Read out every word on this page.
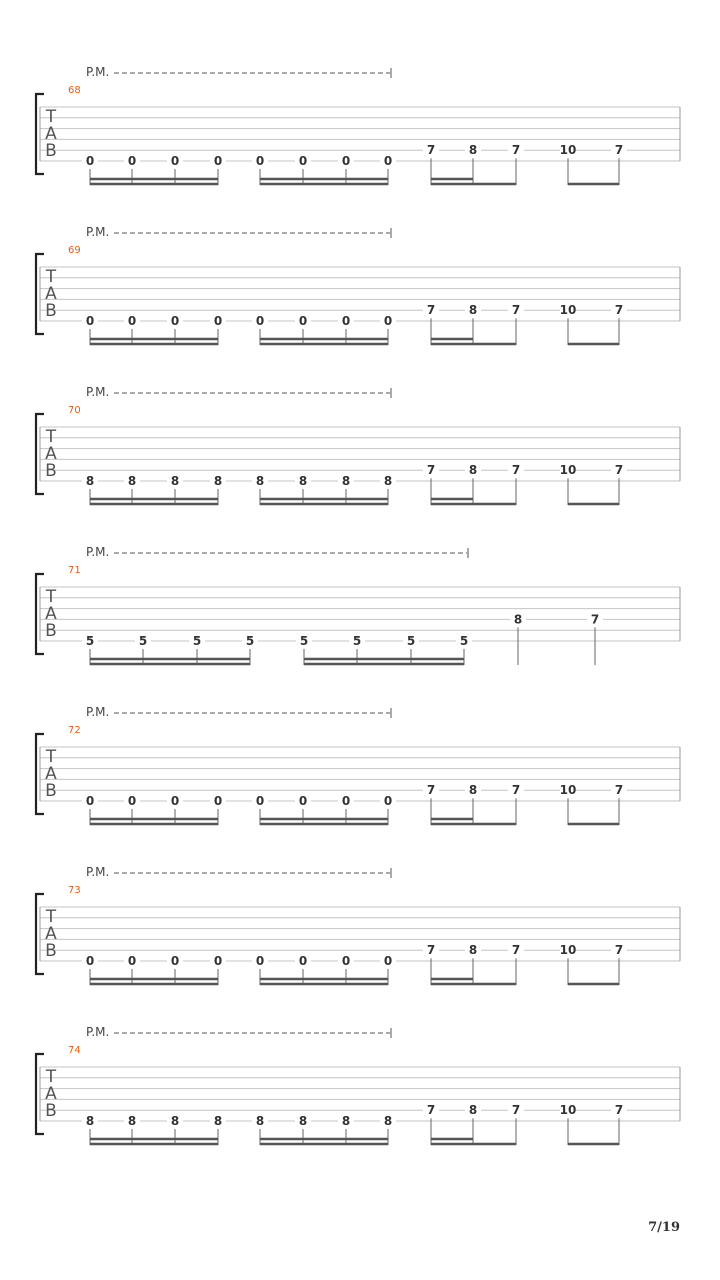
T
A
B
68
P.M.
0	0	0	0	0	0	0	0
7	8	7	10	7
T
A
B
69
P.M.
0	0	0	0	0	0	0	0
7	8	7	10	7
T
A
B
70
P.M.
8	8	8	8	8	8	8	8
7	8	7	10	7
T
A
B
71
P.M.
5	5	5	5	5	5	5	5
8	7
T
A
B
72
P.M.
0	0	0	0	0	0	0	0
7	8	7	10	7
T
A
B
73
P.M.
0	0	0	0	0	0	0	0
7	8	7	10	7
T
A
B
74
P.M.
8	8	8	8	8	8	8	8
7	8	7	10	7
7/19
